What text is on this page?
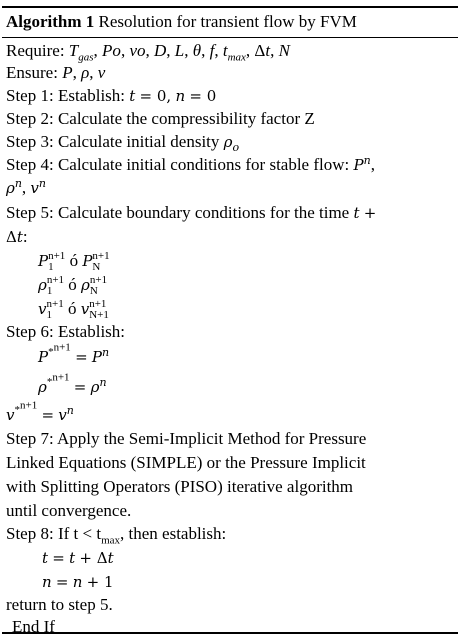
Algorithm 1 Resolution for transient flow by FVM
Require: $T_{gas}$, Po, vo, D, L, θ, f, $t_{max}$, Δt, N
Ensure: P, ρ, v
Step 1: Establish: t = 0, n = 0
Step 2: Calculate the compressibility factor Z
Step 3: Calculate initial density $\rho_o$
Step 4: Calculate initial conditions for stable flow: $P^n$,
$\rho^n$, $v^n$
Step 5: Calculate boundary conditions for the time t +
Δt:
P n+1
1 ó P n+1
N
ρ n+1
1 ó ρ n+1
N
v n+1
1 ó v n+1
N+1
Step 6: Establish:
$P^{*^{n+1}} = P^n$
$\rho^{*^{n+1}} = \rho^n$
$v^{*^{n+1}} = v^n$
Step 7: Apply the Semi-Implicit Method for Pressure
Linked Equations (SIMPLE) or the Pressure Implicit
with Splitting Operators (PISO) iterative algorithm
until convergence.
Step 8: If $t < t_{max}$, then establish:
t = t + Δt
n = n + 1
return to step 5.
End If
